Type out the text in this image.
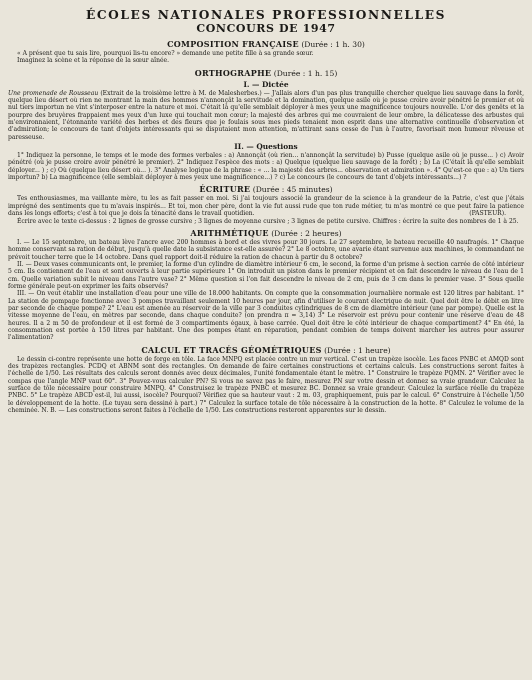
ÉCOLES NATIONALES PROFESSIONNELLES
CONCOURS DE 1947
COMPOSITION FRANÇAISE (Durée : 1 h. 30)

« A présent que tu sais lire, pourquoi lis-tu encore? » demande une petite fille à sa grande sœur.

Imaginez la scène et la réponse de la sœur aînée.

ORTHOGRAPHE (Durée : 1 h. 15)
I. — Dictée

Une promenade de Rousseau (Extrait de la troisième lettre à M. de Malesherbes.) — J'allais alors d'un pas plus tranquille chercher quelque lieu sauvage dans la forêt, quelque lieu désert où rien ne montrant la main des hommes n'annonçât la servitude et la domination, quelque asile où je pusse croire avoir pénétré le premier et où nul tiers importun ne vînt s'interposer entre la nature et moi. C'était là qu'elle semblait déployer à mes yeux une magnificence toujours nouvelle. L'or des genêts et la pourpre des bruyères frappaient mes yeux d'un luxe qui touchait mon cœur; la majesté des arbres qui me couvraient de leur ombre, la délicatesse des arbustes qui m'environnaient, l'étonnante variété des herbes et des fleurs que je foulais sous mes pieds tenaient mon esprit dans une alternative continuelle d'observation et d'admiration; le concours de tant d'objets intéressants qui se disputaient mon attention, m'attirant sans cesse de l'un à l'autre, favorisait mon humeur rêveuse et paresseuse.

II. — Questions

1° Indiquez la personne, le temps et le mode des formes verbales : a) Annonçât (où rien... n'annonçât la servitude) b) Pusse (quelque asile où je pusse... ) c) Avoir pénétré (où je pusse croire avoir pénétré le premier). 2° Indiquez l'espèce des mots : a) Quelque (quelque lieu sauvage de la forêt) ; b) La (C'était là qu'elle semblait déployer... ) ; c) Où (quelque lieu désert où... ). 3° Analyse logique de la phrase : « ... la majesté des arbres... observation et admiration ». 4° Qu'est-ce que : a) Un tiers importun? b) La magnificence (elle semblait déployer à mes yeux une magnificence...) ? c) Le concours (le concours de tant d'objets intéressants...) ?

ÉCRITURE (Durée : 45 minutes)

Tes enthousiasmes, ma vaillante mère, tu les as fait passer en moi. Si j'ai toujours associé la grandeur de la science à la grandeur de la Patrie, c'est que j'étais imprégné des sentiments que tu m'avais inspirés... Et toi, mon cher père, dont la vie fut aussi rude que ton rude métier, tu m'as montré ce que peut faire la patience dans les longs efforts; c'est à toi que je dois la ténacité dans le travail quotidien.	(PASTEUR).

Écrire avec le texte ci-dessus : 2 lignes de grosse cursive ; 3 lignes de moyenne cursive ; 3 lignes de petite cursive. Chiffres : écrire la suite des nombres de 1 à 25.

ARITHMÉTIQUE (Durée : 2 heures)

I. — Le 15 septembre, un bateau lève l'ancre avec 200 hommes à bord et des vivres pour 30 jours. Le 27 septembre, le bateau recueille 40 naufragés. 1° Chaque homme conservant sa ration de début, jusqu'à quelle date la subsistance est-elle assurée? 2° Le 8 octobre, une avarie étant survenue aux machines, le commandant ne prévoit toucher terre que le 14 octobre. Dans quel rapport doit-il réduire la ration de chacun à partir du 8 octobre?

II. — Deux vases communicants ont, le premier, la forme d'un cylindre de diamètre intérieur 6 cm, le second, la forme d'un prisme à section carrée de côté intérieur 5 cm. Ils contiennent de l'eau et sont ouverts à leur partie supérieure 1° On introduit un piston dans le premier récipient et on fait descendre le niveau de l'eau de 1 cm. Quelle variation subit le niveau dans l'autre vase? 2° Même question si l'on fait descendre le niveau de 2 cm, puis de 3 cm dans le premier vase. 3° Sous quelle forme générale peut-on exprimer les faits observés?

III. — On veut établir une installation d'eau pour une ville de 18.000 habitants. On compte que la consommation journalière normale est 120 litres par habitant. 1° La station de pompage fonctionne avec 3 pompes travaillant seulement 10 heures par jour, afin d'utiliser le courant électrique de nuit. Quel doit être le débit en litre par seconde de chaque pompe? 2° L'eau est amenée au réservoir de la ville par 3 conduites cylindriques de 8 cm de diamètre intérieur (une par pompe). Quelle est la vitesse moyenne de l'eau, en mètres par seconde, dans chaque conduite? (on prendra π = 3,14) 3° Le réservoir est prévu pour contenir une réserve d'eau de 48 heures. Il a 2 m 50 de profondeur et il est formé de 3 compartiments égaux, à base carrée. Quel doit être le côté intérieur de chaque compartiment? 4° En été, la consommation est portée à 150 litres par habitant. Une des pompes étant en réparation, pendant combien de temps doivent marcher les autres pour assurer l'alimentation?

CALCUL ET TRACÉS GÉOMÉTRIQUES (Durée : 1 heure)

Le dessin ci-contre représente une hotte de forge en tôle. La face MNPQ est placée contre un mur vertical. C'est un trapèze isocèle. Les faces PNBC et AMQD sont des trapèzes rectangles. PCDQ et ABNM sont des rectangles. On demande de faire certaines constructions et certains calculs. Les constructions seront faites à l'échelle de 1/50. Les résultats des calculs seront donnés avec deux décimales, l'unité fondamentale étant le mètre. 1° Construire le trapèze PQMN. 2° Vérifier avec le compas que l'angle MNP vaut 60°. 3° Pouvez-vous calculer PN? Si vous ne savez pas le faire, mesurez PN sur votre dessin et donnez sa vraie grandeur. Calculez la surface de tôle nécessaire pour construire MNPQ. 4° Construisez le trapèze PNBC et mesurez BC. Donnez sa vraie grandeur. Calculez la surface réelle du trapèze PNBC. 5° Le trapèze ABCD est-il, lui aussi, isocèle? Pourquoi? Vérifiez que sa hauteur vaut : 2 m. 03, graphiquement, puis par le calcul. 6° Construire à l'échelle 1/50 le développement de la hotte. (Le tuyau sera dessiné à part.) 7° Calculez la surface totale de tôle nécessaire à la construction de la hotte. 8° Calculez le volume de la cheminée. N. B. — Les constructions seront faites à l'échelle de 1/50. Les constructions resteront apparentes sur le dessin.
